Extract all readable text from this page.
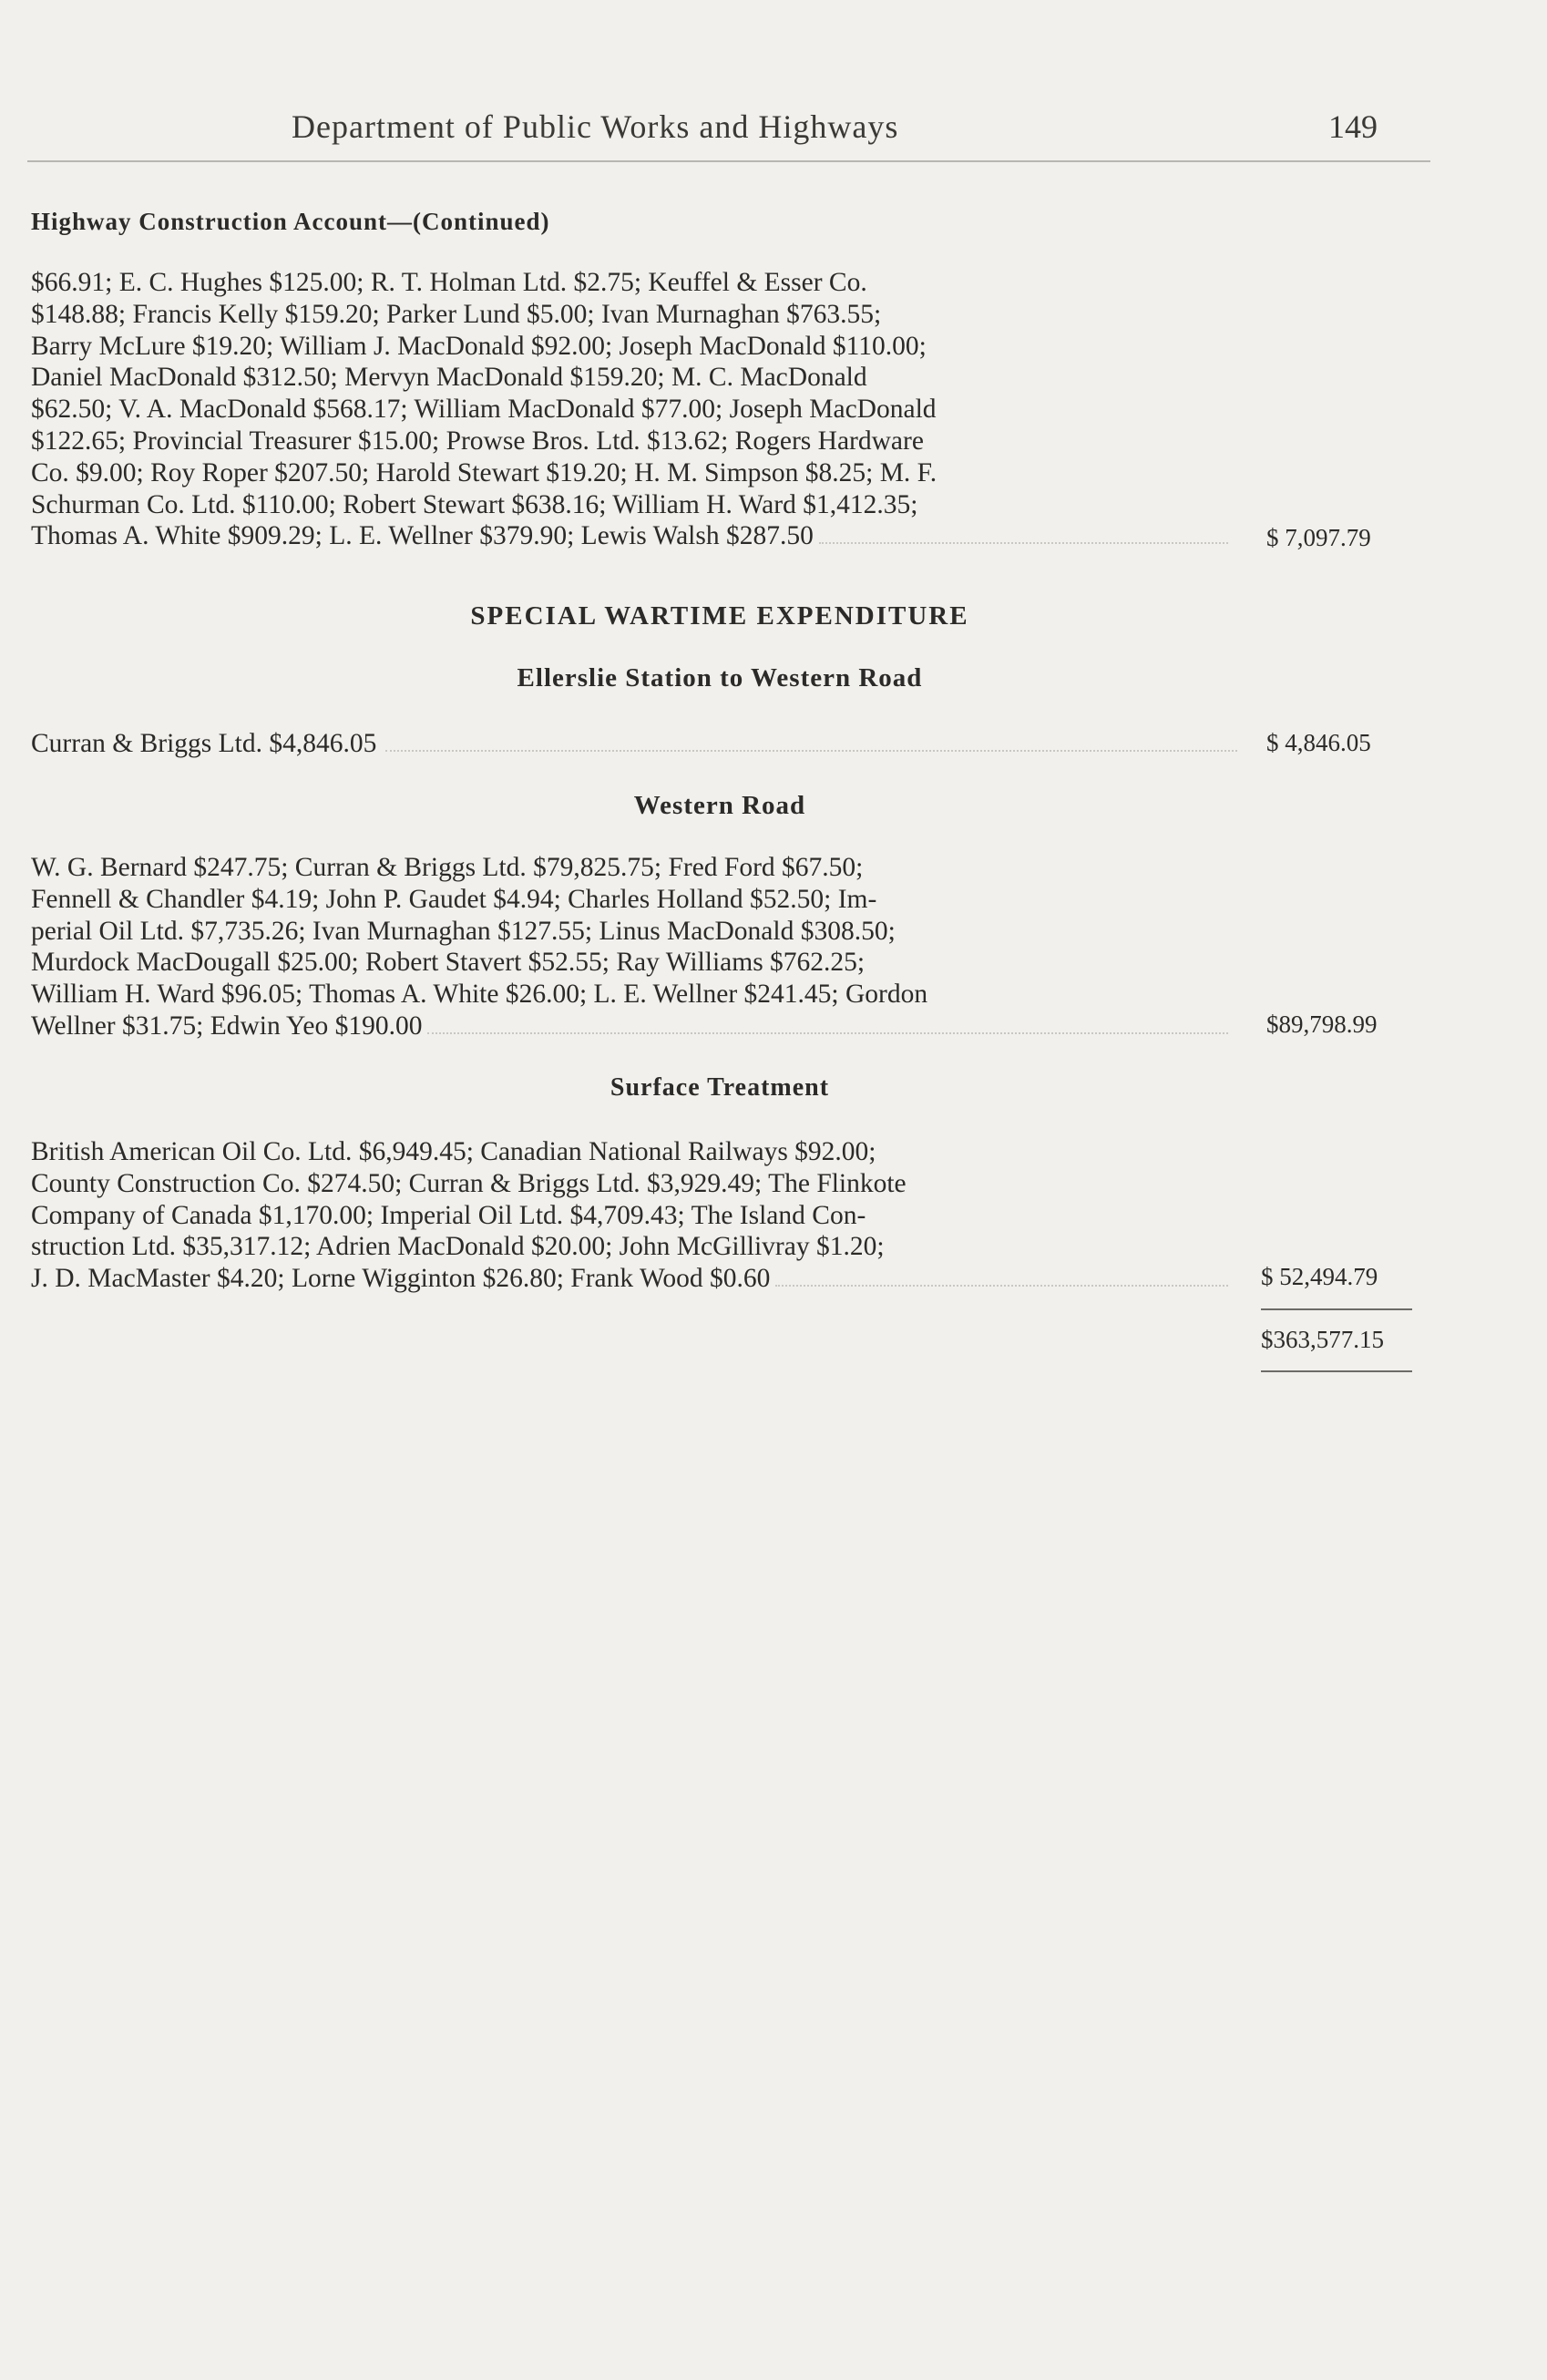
Department of Public Works and Highways	149
Highway Construction Account—(Continued)
$66.91; E. C. Hughes $125.00; R. T. Holman Ltd. $2.75; Keuffel & Esser Co.
$148.88; Francis Kelly $159.20; Parker Lund $5.00; Ivan Murnaghan $763.55;
Barry McLure $19.20; William J. MacDonald $92.00; Joseph MacDonald $110.00;
Daniel MacDonald $312.50; Mervyn MacDonald $159.20; M. C. MacDonald
$62.50; V. A. MacDonald $568.17; William MacDonald $77.00; Joseph MacDonald
$122.65; Provincial Treasurer $15.00; Prowse Bros. Ltd. $13.62; Rogers Hardware
Co. $9.00; Roy Roper $207.50; Harold Stewart $19.20; H. M. Simpson $8.25; M. F.
Schurman Co. Ltd. $110.00; Robert Stewart $638.16; William H. Ward $1,412.35;
Thomas A. White $909.29; L. E. Wellner $379.90; Lewis Walsh $287.50	$ 7,097.79
SPECIAL WARTIME EXPENDITURE
Ellerslie Station to Western Road
Curran & Briggs Ltd. $4,846.05	$ 4,846.05
Western Road
W. G. Bernard $247.75; Curran & Briggs Ltd. $79,825.75; Fred Ford $67.50;
Fennell & Chandler $4.19; John P. Gaudet $4.94; Charles Holland $52.50; Im-
perial Oil Ltd. $7,735.26; Ivan Murnaghan $127.55; Linus MacDonald $308.50;
Murdock MacDougall $25.00; Robert Stavert $52.55; Ray Williams $762.25;
William H. Ward $96.05; Thomas A. White $26.00; L. E. Wellner $241.45; Gordon
Wellner $31.75; Edwin Yeo $190.00	$89,798.99
Surface Treatment
British American Oil Co. Ltd. $6,949.45; Canadian National Railways $92.00;
County Construction Co. $274.50; Curran & Briggs Ltd. $3,929.49; The Flinkote
Company of Canada $1,170.00; Imperial Oil Ltd. $4,709.43; The Island Con-
struction Ltd. $35,317.12; Adrien MacDonald $20.00; John McGillivray $1.20;
J. D. MacMaster $4.20; Lorne Wigginton $26.80; Frank Wood $0.60	$ 52,494.79
$363,577.15
